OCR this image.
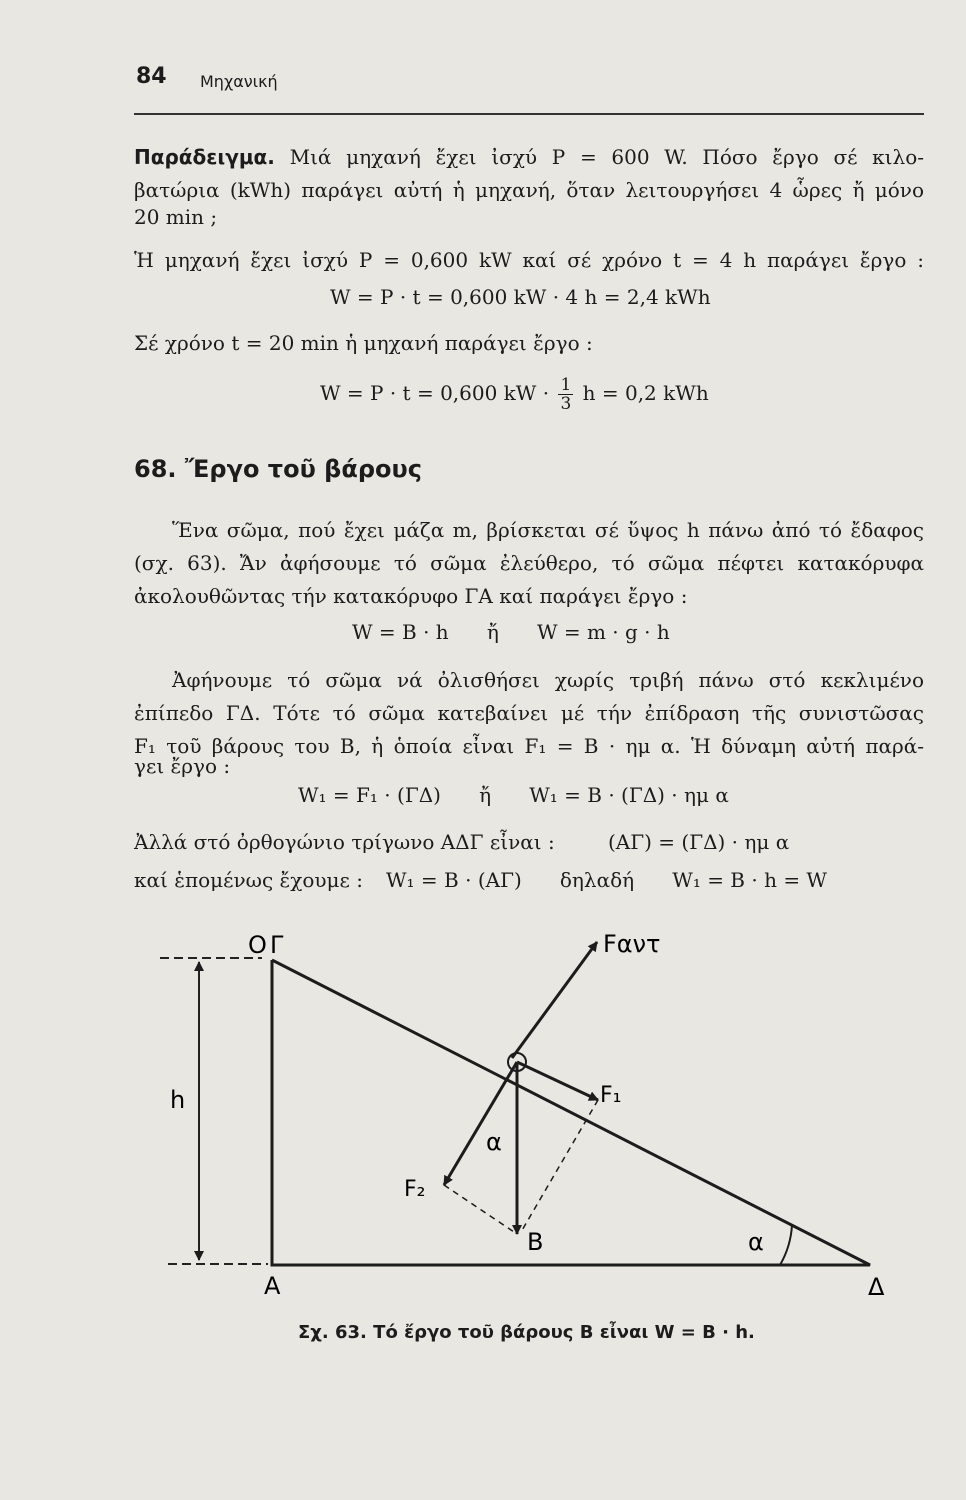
84 Μηχανική
Παράδειγμα. Μιά μηχανή ἔχει ἰσχύ P = 600 W. Πόσο ἔργο σέ κιλο-
βατώρια (kWh) παράγει αὐτή ἡ μηχανή, ὅταν λειτουργήσει 4 ὧρες ἤ μόνο
20 min ;
Ἡ μηχανή ἔχει ἰσχύ P = 0,600 kW καί σέ χρόνο t = 4 h παράγει ἔργο :
W = P · t = 0,600 kW · 4 h = 2,4 kWh
Σέ χρόνο t = 20 min ἡ μηχανή παράγει ἔργο :
W = P · t = 0,600 kW · $\frac{1}{3}$ h = 0,2 kWh
68. Ἔργο τοῦ βάρους
Ἕνα σῶμα, πού ἔχει μάζα m, βρίσκεται σέ ὕψος h πάνω ἀπό τό ἔδαφος
(σχ. 63). Ἄν ἀφήσουμε τό σῶμα ἐλεύθερο, τό σῶμα πέφτει κατακόρυφα
ἀκολουθῶντας τήν κατακόρυφο ΓΑ καί παράγει ἔργο :
W = B · h      ἤ      W = m · g · h
Ἀφήνουμε τό σῶμα νά ὀλισθήσει χωρίς τριβή πάνω στό κεκλιμένο
ἐπίπεδο ΓΔ. Τότε τό σῶμα κατεβαίνει μέ τήν ἐπίδραση τῆς συνιστῶσας
F₁ τοῦ βάρους του B, ἡ ὁποία εἶναι F₁ = B · ημ α. Ἡ δύναμη αὐτή παρά-
γει ἔργο :
W₁ = F₁ · (ΓΔ)      ἤ      W₁ = B · (ΓΔ) · ημ α
Ἀλλά στό ὀρθογώνιο τρίγωνο ΑΔΓ εἶναι :	(ΑΓ) = (ΓΔ) · ημ α
καί ἑπομένως ἔχουμε : W₁ = B · (ΑΓ)      δηλαδή      W₁ = B · h = W
h
O Γ	Fαντ
F₁
F₂
α
α
B
A	Δ
Σχ. 63. Τό ἔργο τοῦ βάρους B εἶναι W = B · h.
